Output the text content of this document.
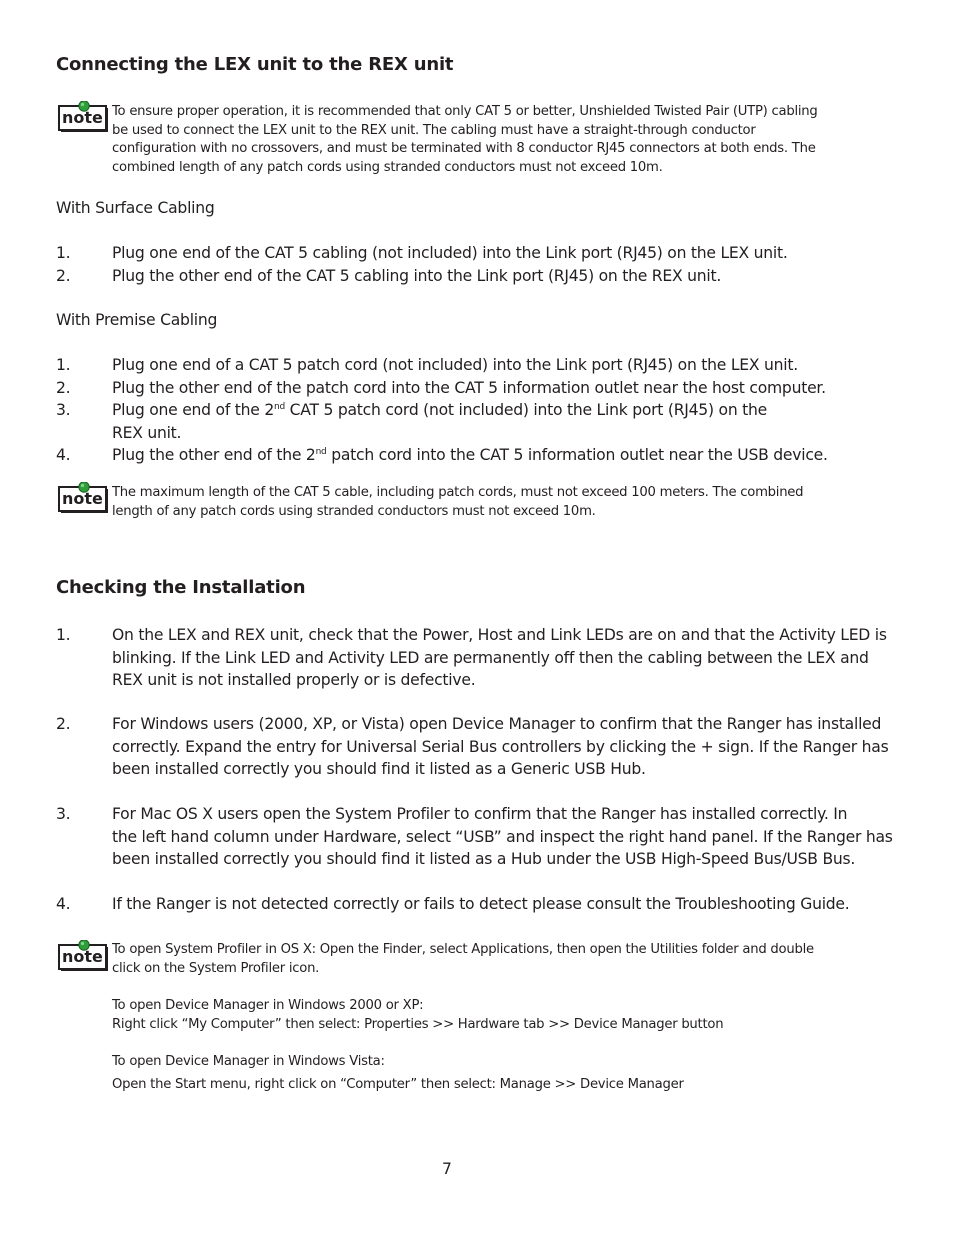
Connecting the LEX unit to the REX unit
note To ensure proper operation, it is recommended that only CAT 5 or better, Unshielded Twisted Pair (UTP) cabling
be used to connect the LEX unit to the REX unit. The cabling must have a straight-through conductor
configuration with no crossovers, and must be terminated with 8 conductor RJ45 connectors at both ends. The
combined length of any patch cords using stranded conductors must not exceed 10m.
With Surface Cabling
1.	Plug one end of the CAT 5 cabling (not included) into the Link port (RJ45) on the LEX unit.
2.	Plug the other end of the CAT 5 cabling into the Link port (RJ45) on the REX unit.
With Premise Cabling
1.	Plug one end of a CAT 5 patch cord (not included) into the Link port (RJ45) on the LEX unit.
2.	Plug the other end of the patch cord into the CAT 5 information outlet near the host computer.
3.	Plug one end of the 2nd CAT 5 patch cord (not included) into the Link port (RJ45) on the
REX unit.
4.	Plug the other end of the 2nd patch cord into the CAT 5 information outlet near the USB device.
note The maximum length of the CAT 5 cable, including patch cords, must not exceed 100 meters. The combined
length of any patch cords using stranded conductors must not exceed 10m.
Checking the Installation
1.	On the LEX and REX unit, check that the Power, Host and Link LEDs are on and that the Activity LED is
blinking. If the Link LED and Activity LED are permanently off then the cabling between the LEX and
REX unit is not installed properly or is defective.
2.	For Windows users (2000, XP, or Vista) open Device Manager to confirm that the Ranger has installed
correctly. Expand the entry for Universal Serial Bus controllers by clicking the + sign. If the Ranger has
been installed correctly you should find it listed as a Generic USB Hub.
3.	For Mac OS X users open the System Profiler to confirm that the Ranger has installed correctly. In
the left hand column under Hardware, select “USB” and inspect the right hand panel. If the Ranger has
been installed correctly you should find it listed as a Hub under the USB High-Speed Bus/USB Bus.
4.	If the Ranger is not detected correctly or fails to detect please consult the Troubleshooting Guide.
note To open System Profiler in OS X: Open the Finder, select Applications, then open the Utilities folder and double
click on the System Profiler icon.
To open Device Manager in Windows 2000 or XP:
Right click “My Computer” then select: Properties >> Hardware tab >> Device Manager button
To open Device Manager in Windows Vista:
Open the Start menu, right click on “Computer” then select: Manage >> Device Manager
7
